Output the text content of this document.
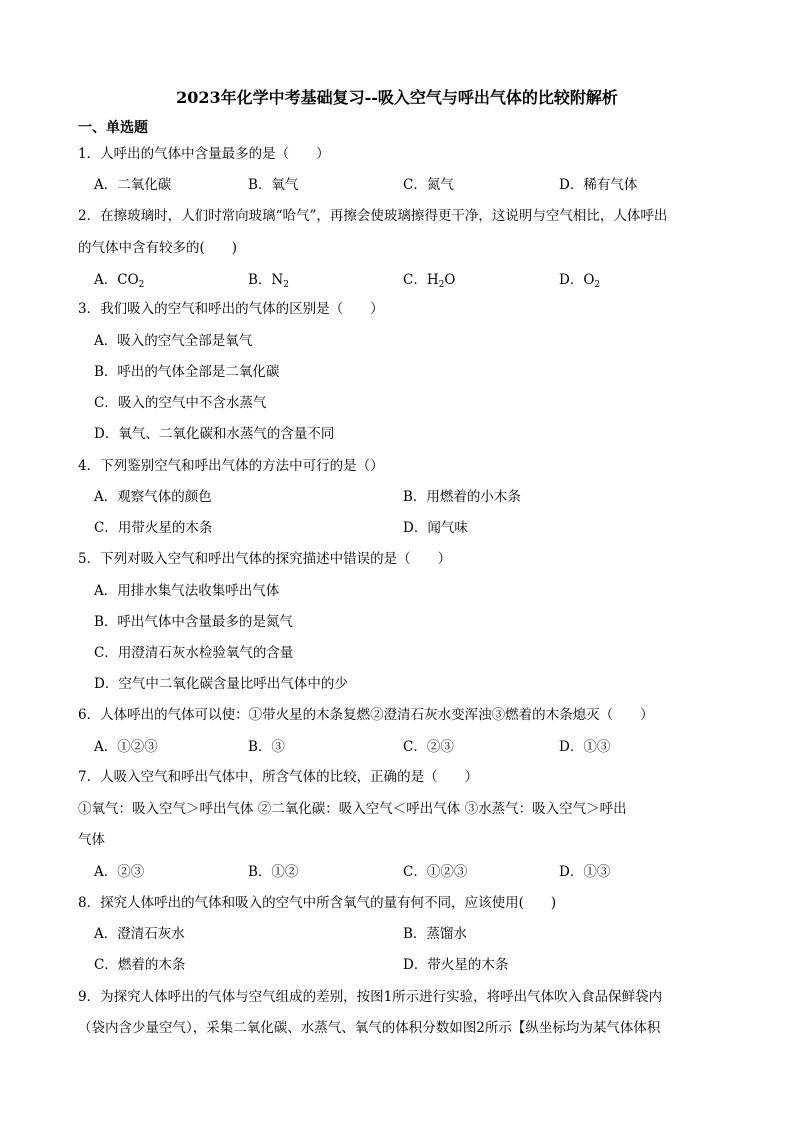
2023年化学中考基础复习--吸入空气与呼出气体的比较附解析
一、单选题
1．人呼出的气体中含量最多的是（　　）
A．二氧化碳	B．氧气	C．氮气	D．稀有气体
2．在擦玻璃时，人们时常向玻璃“哈气”，再擦会使玻璃擦得更干净，这说明与空气相比，人体呼出
的气体中含有较多的(　　)
A．$CO_2$	B．$N_2$	C．$H_2O$	D．$O_2$
3．我们吸入的空气和呼出的气体的区别是（　　）
A．吸入的空气全部是氧气
B．呼出的气体全部是二氧化碳
C．吸入的空气中不含水蒸气
D．氧气、二氧化碳和水蒸气的含量不同
4．下列鉴别空气和呼出气体的方法中可行的是（）
A．观察气体的颜色	B．用燃着的小木条
C．用带火星的木条	D．闻气味
5．下列对吸入空气和呼出气体的探究描述中错误的是（　　）
A．用排水集气法收集呼出气体
B．呼出气体中含量最多的是氮气
C．用澄清石灰水检验氧气的含量
D．空气中二氧化碳含量比呼出气体中的少
6．人体呼出的气体可以使：①带火星的木条复燃②澄清石灰水变浑浊③燃着的木条熄灭（　　）
A．①②③	B．③	C．②③	D．①③
7．人吸入空气和呼出气体中，所含气体的比较，正确的是（　　）
①氧气：吸入空气＞呼出气体 ②二氧化碳：吸入空气＜呼出气体 ③水蒸气：吸入空气＞呼出
气体
A．②③	B．①②	C．①②③	D．①③
8．探究人体呼出的气体和吸入的空气中所含氧气的量有何不同，应该使用(　　)
A．澄清石灰水	B．蒸馏水
C．燃着的木条	D．带火星的木条
9．为探究人体呼出的气体与空气组成的差别，按图1所示进行实验，将呼出气体吹入食品保鲜袋内
（袋内含少量空气），采集二氧化碳、水蒸气、氧气的体积分数如图2所示【纵坐标均为某气体体积
